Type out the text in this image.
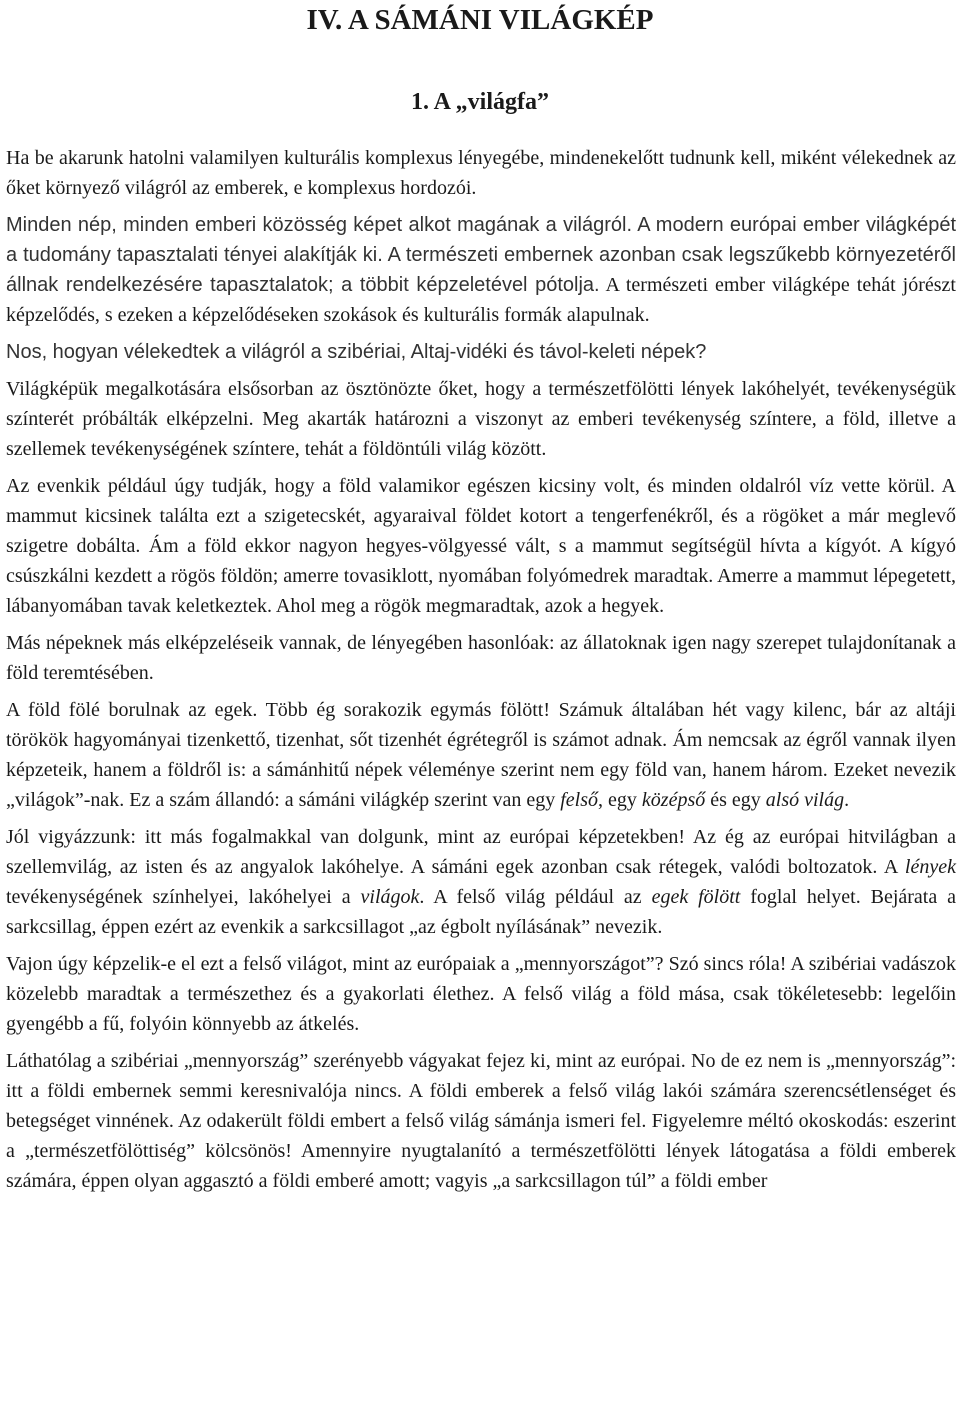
IV. A SÁMÁNI VILÁGKÉP
1. A „világfa”

Ha be akarunk hatolni valamilyen kulturális komplexus lényegébe, mindenekelőtt tudnunk kell, miként vélekednek az őket környező világról az emberek, e komplexus hordozói.

Minden nép, minden emberi közösség képet alkot magának a világról. A modern európai ember világképét a tudomány tapasztalati tényei alakítják ki. A természeti embernek azonban csak legszűkebb környezetéről állnak rendelkezésére tapasztalatok; a többit képzeletével pótolja. A természeti ember világképe tehát jórészt képzelődés, s ezeken a képzelődéseken szokások és kulturális formák alapulnak.

Nos, hogyan vélekedtek a világról a szibériai, Altaj-vidéki és távol-keleti népek?

Világképük megalkotására elsősorban az ösztönözte őket, hogy a természetfölötti lények lakóhelyét, tevékenységük színterét próbálták elképzelni. Meg akarták határozni a viszonyt az emberi tevékenység színtere, a föld, illetve a szellemek tevékenységének színtere, tehát a földöntúli világ között.

Az evenkik például úgy tudják, hogy a föld valamikor egészen kicsiny volt, és minden oldalról víz vette körül. A mammut kicsinek találta ezt a szigetecskét, agyaraival földet kotort a tengerfenékről, és a rögöket a már meglevő szigetre dobálta. Ám a föld ekkor nagyon hegyes-völgyessé vált, s a mammut segítségül hívta a kígyót. A kígyó csúszkálni kezdett a rögös földön; amerre tovasiklott, nyomában folyómedrek maradtak. Amerre a mammut lépegetett, lábanyomában tavak keletkeztek. Ahol meg a rögök megmaradtak, azok a hegyek.

Más népeknek más elképzeléseik vannak, de lényegében hasonlóak: az állatoknak igen nagy szerepet tulajdonítanak a föld teremtésében.

A föld fölé borulnak az egek. Több ég sorakozik egymás fölött! Számuk általában hét vagy kilenc, bár az altáji törökök hagyományai tizenkettő, tizenhat, sőt tizenhét égrétegről is számot adnak. Ám nemcsak az égről vannak ilyen képzeteik, hanem a földről is: a sámánhitű népek véleménye szerint nem egy föld van, hanem három. Ezeket nevezik „világok”-nak. Ez a szám állandó: a sámáni világkép szerint van egy felső, egy középső és egy alsó világ.

Jól vigyázzunk: itt más fogalmakkal van dolgunk, mint az európai képzetekben! Az ég az európai hitvilágban a szellemvilág, az isten és az angyalok lakóhelye. A sámáni egek azonban csak rétegek, valódi boltozatok. A lények tevékenységének színhelyei, lakóhelyei a világok. A felső világ például az egek fölött foglal helyet. Bejárata a sarkcsillag, éppen ezért az evenkik a sarkcsillagot „az égbolt nyílásának” nevezik.

Vajon úgy képzelik-e el ezt a felső világot, mint az európaiak a „mennyországot”? Szó sincs róla! A szibériai vadászok közelebb maradtak a természethez és a gyakorlati élethez. A felső világ a föld mása, csak tökéletesebb: legelőin gyengébb a fű, folyóin könnyebb az átkelés.

Láthatólag a szibériai „mennyország” szerényebb vágyakat fejez ki, mint az európai. No de ez nem is „mennyország”: itt a földi embernek semmi keresnivalója nincs. A földi emberek a felső világ lakói számára szerencsétlenséget és betegséget vinnének. Az odakerült földi embert a felső világ sámánja ismeri fel. Figyelemre méltó okoskodás: eszerint a „természetfölöttiség” kölcsönös! Amennyire nyugtalanító a természetfölötti lények látogatása a földi emberek számára, éppen olyan aggasztó a földi emberé amott; vagyis „a sarkcsillagon túl” a földi ember
